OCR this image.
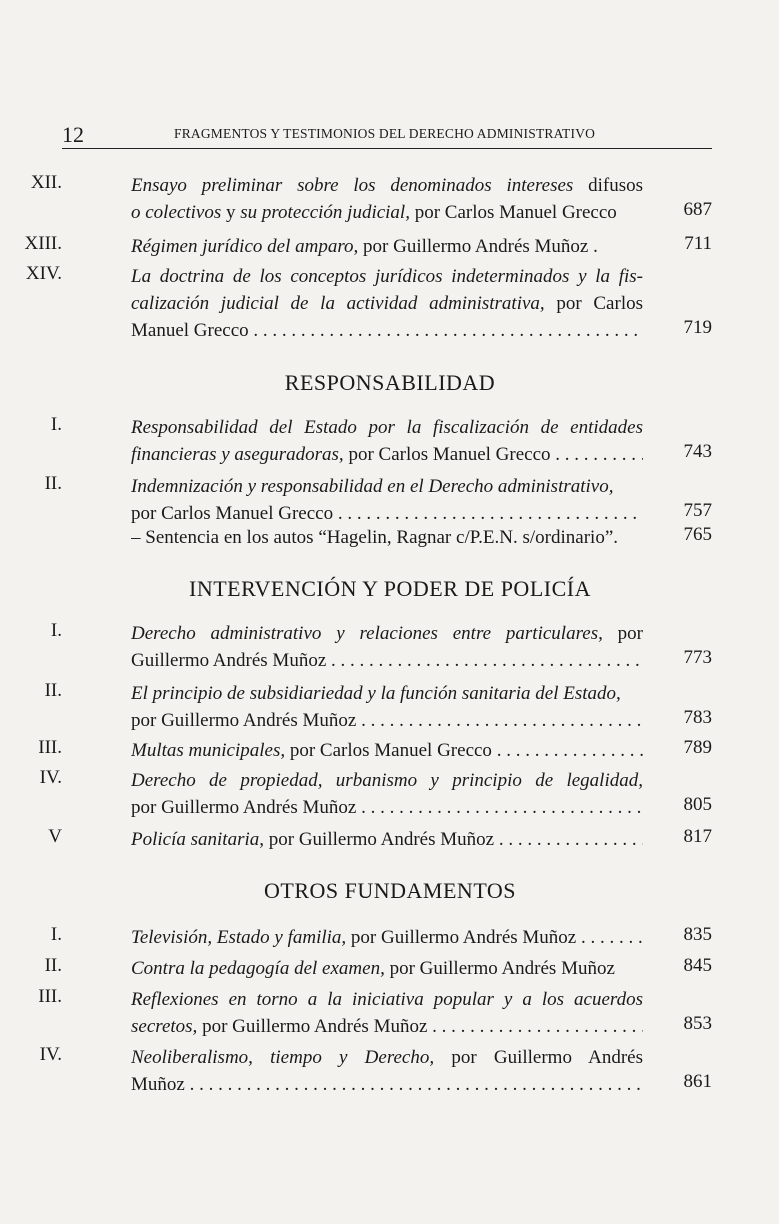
12	FRAGMENTOS Y TESTIMONIOS DEL DERECHO ADMINISTRATIVO
XII.	Ensayo preliminar sobre los denominados intereses difusos
o colectivos y su protección judicial, por Carlos Manuel Grecco	687
XIII.	Régimen jurídico del amparo, por Guillermo Andrés Muñoz .	711
XIV.	La doctrina de los conceptos jurídicos indeterminados y la fis-
calización judicial de la actividad administrativa, por Carlos
Manuel Grecco . . .	719
RESPONSABILIDAD
I.	Responsabilidad del Estado por la fiscalización de entidades
financieras y aseguradoras, por Carlos Manuel Grecco . . .	743
II.	Indemnización y responsabilidad en el Derecho administrativo,
por Carlos Manuel Grecco . . .	757
– Sentencia en los autos “Hagelin, Ragnar c/P.E.N. s/ordinario”.	765
INTERVENCIÓN Y PODER DE POLICÍA
I.	Derecho administrativo y relaciones entre particulares, por
Guillermo Andrés Muñoz . . .	773
II.	El principio de subsidiariedad y la función sanitaria del Estado,
por Guillermo Andrés Muñoz . . .	783
III.	Multas municipales, por Carlos Manuel Grecco . . .	789
IV.	Derecho de propiedad, urbanismo y principio de legalidad,
por Guillermo Andrés Muñoz . . .	805
V	Policía sanitaria, por Guillermo Andrés Muñoz . . .	817
OTROS FUNDAMENTOS
I.	Televisión, Estado y familia, por Guillermo Andrés Muñoz . . .	835
II.	Contra la pedagogía del examen, por Guillermo Andrés Muñoz	845
III.	Reflexiones en torno a la iniciativa popular y a los acuerdos
secretos, por Guillermo Andrés Muñoz . . .	853
IV.	Neoliberalismo, tiempo y Derecho, por Guillermo Andrés
Muñoz . . .	861
